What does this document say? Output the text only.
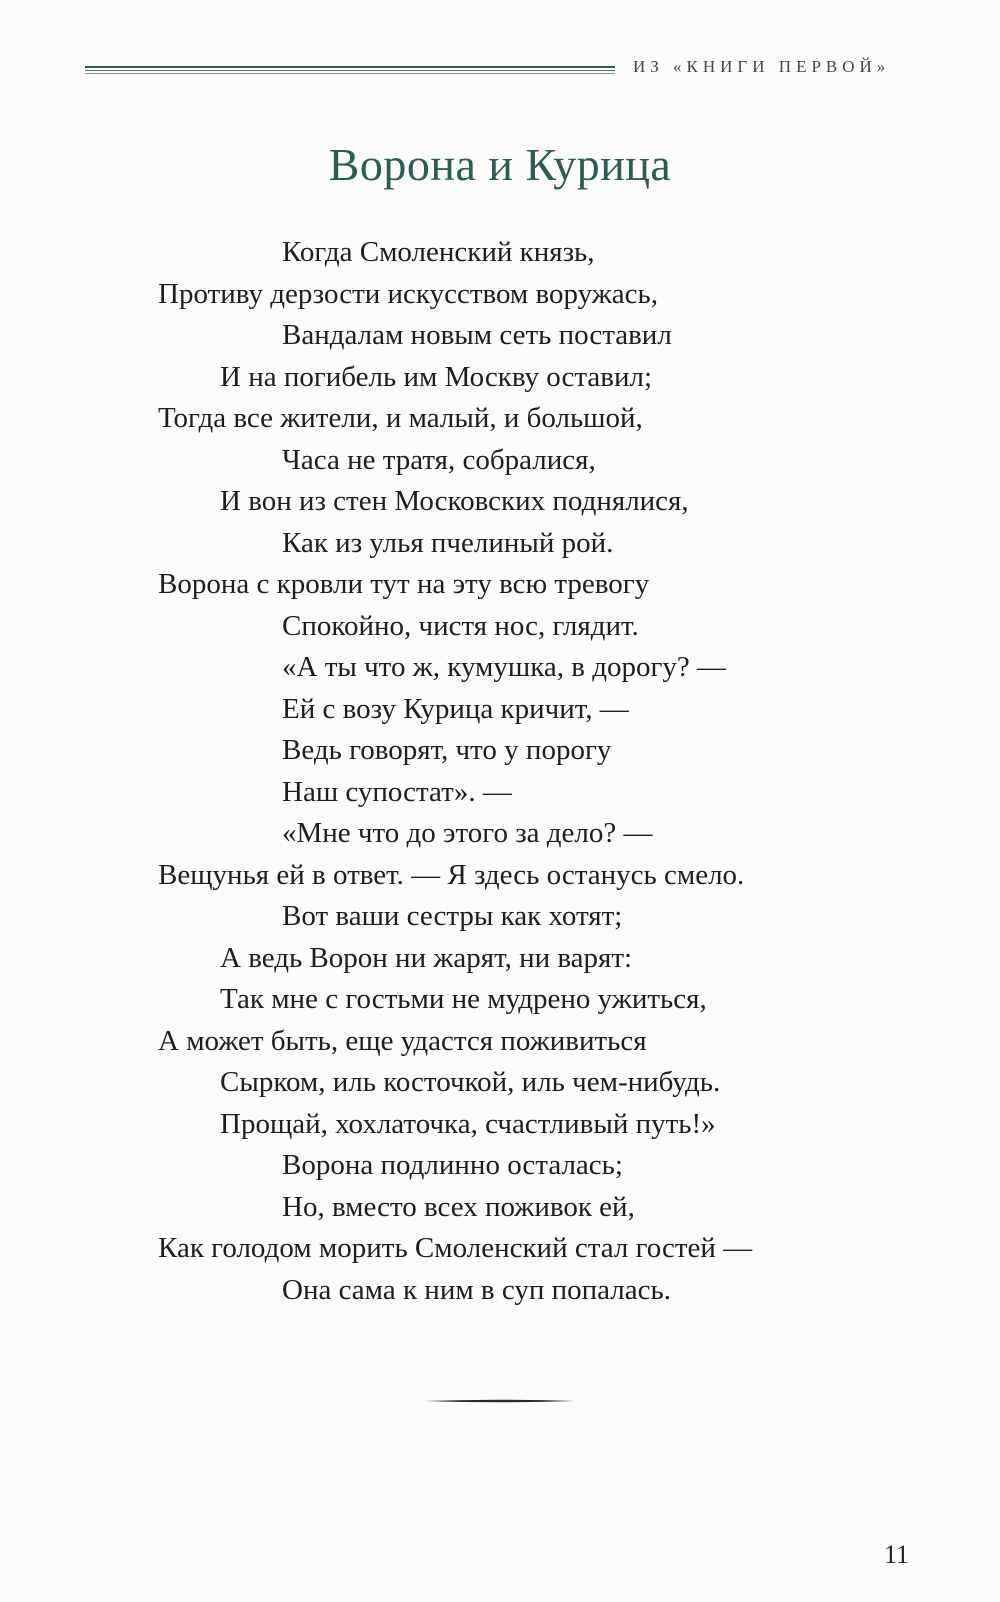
ИЗ «КНИГИ ПЕРВОЙ»
Ворона и Курица
Когда Смоленский князь,
Противу дерзости искусством воружась,
Вандалам новым сеть поставил
И на погибель им Москву оставил;
Тогда все жители, и малый, и большой,
Часа не тратя, собралися,
И вон из стен Московских поднялися,
Как из улья пчелиный рой.
Ворона с кровли тут на эту всю тревогу
Спокойно, чистя нос, глядит.
«А ты что ж, кумушка, в дорогу? —
Ей с возу Курица кричит, —
Ведь говорят, что у порогу
Наш супостат». —
«Мне что до этого за дело? —
Вещунья ей в ответ. — Я здесь останусь смело.
Вот ваши сестры как хотят;
А ведь Ворон ни жарят, ни варят:
Так мне с гостьми не мудрено ужиться,
А может быть, еще удастся поживиться
Сырком, иль косточкой, иль чем-нибудь.
Прощай, хохлаточка, счастливый путь!»
Ворона подлинно осталась;
Но, вместо всех поживок ей,
Как голодом морить Смоленский стал гостей —
Она сама к ним в суп попалась.
11
